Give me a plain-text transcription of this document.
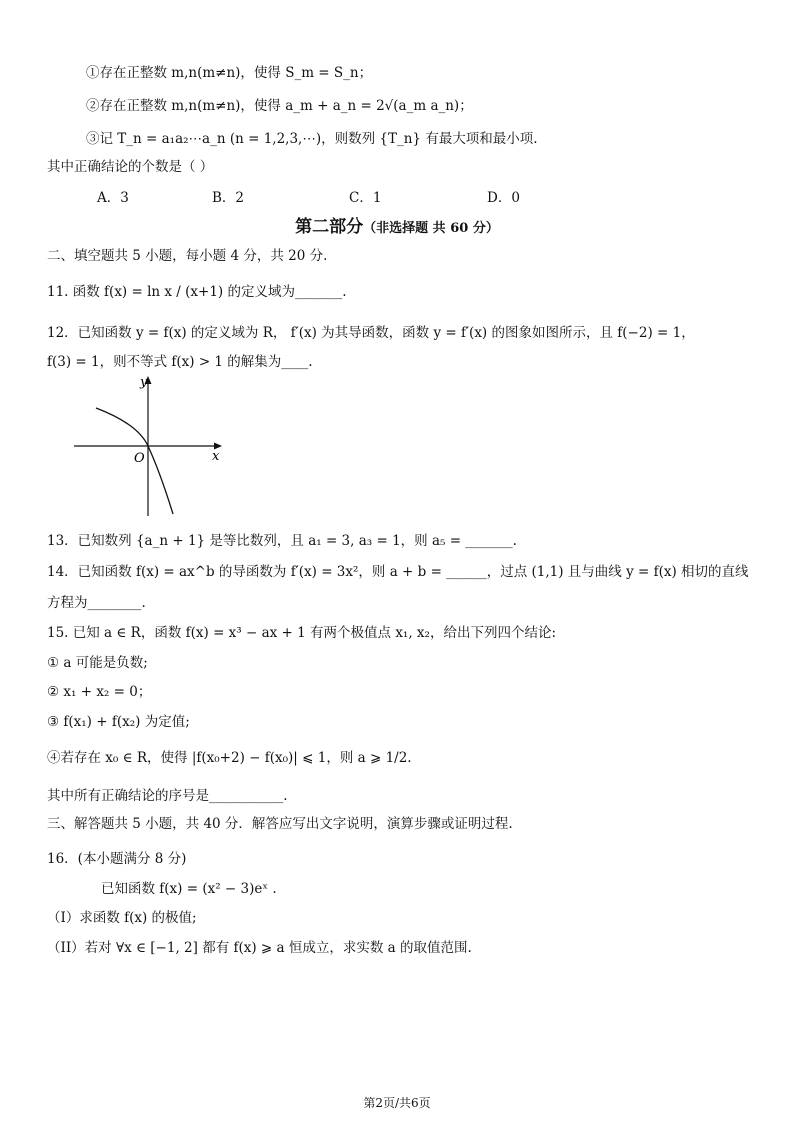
①存在正整数 m,n(m≠n)，使得 S_m = S_n；
②存在正整数 m,n(m≠n)，使得 a_m + a_n = 2√(a_m a_n)；
③记 T_n = a₁a₂⋯a_n (n = 1,2,3,⋯)，则数列 {T_n} 有最大项和最小项.
其中正确结论的个数是（ ）
A．3	B．2	C．1	D．0
第二部分（非选择题 共 60 分）
二、填空题共 5 小题，每小题 4 分，共 20 分.
11. 函数 f(x) = ln x / (x+1) 的定义域为_______.
12．已知函数 y = f(x) 的定义域为 R， f′(x) 为其导函数，函数 y = f′(x) 的图象如图所示，且 f(−2) = 1，
f(3) = 1，则不等式 f(x) > 1 的解集为____.
y
x
O
13．已知数列 {a_n + 1} 是等比数列，且 a₁ = 3, a₃ = 1，则 a₅ = _______.
14．已知函数 f(x) = ax^b 的导函数为 f′(x) = 3x²，则 a + b = ______，过点 (1,1) 且与曲线 y = f(x) 相切的直线
方程为________.
15. 已知 a ∈ R，函数 f(x) = x³ − ax + 1 有两个极值点 x₁, x₂，给出下列四个结论:
① a 可能是负数;
② x₁ + x₂ = 0；
③ f(x₁) + f(x₂) 为定值;
④若存在 x₀ ∈ R，使得 |f(x₀+2) − f(x₀)| ⩽ 1，则 a ⩾ 1/2.
其中所有正确结论的序号是___________.
三、解答题共 5 小题，共 40 分．解答应写出文字说明，演算步骤或证明过程.
16．(本小题满分 8 分)
已知函数 f(x) = (x² − 3)eˣ .
（I）求函数 f(x) 的极值;
（II）若对 ∀x ∈ [−1, 2] 都有 f(x) ⩾ a 恒成立，求实数 a 的取值范围.
第2页/共6页
